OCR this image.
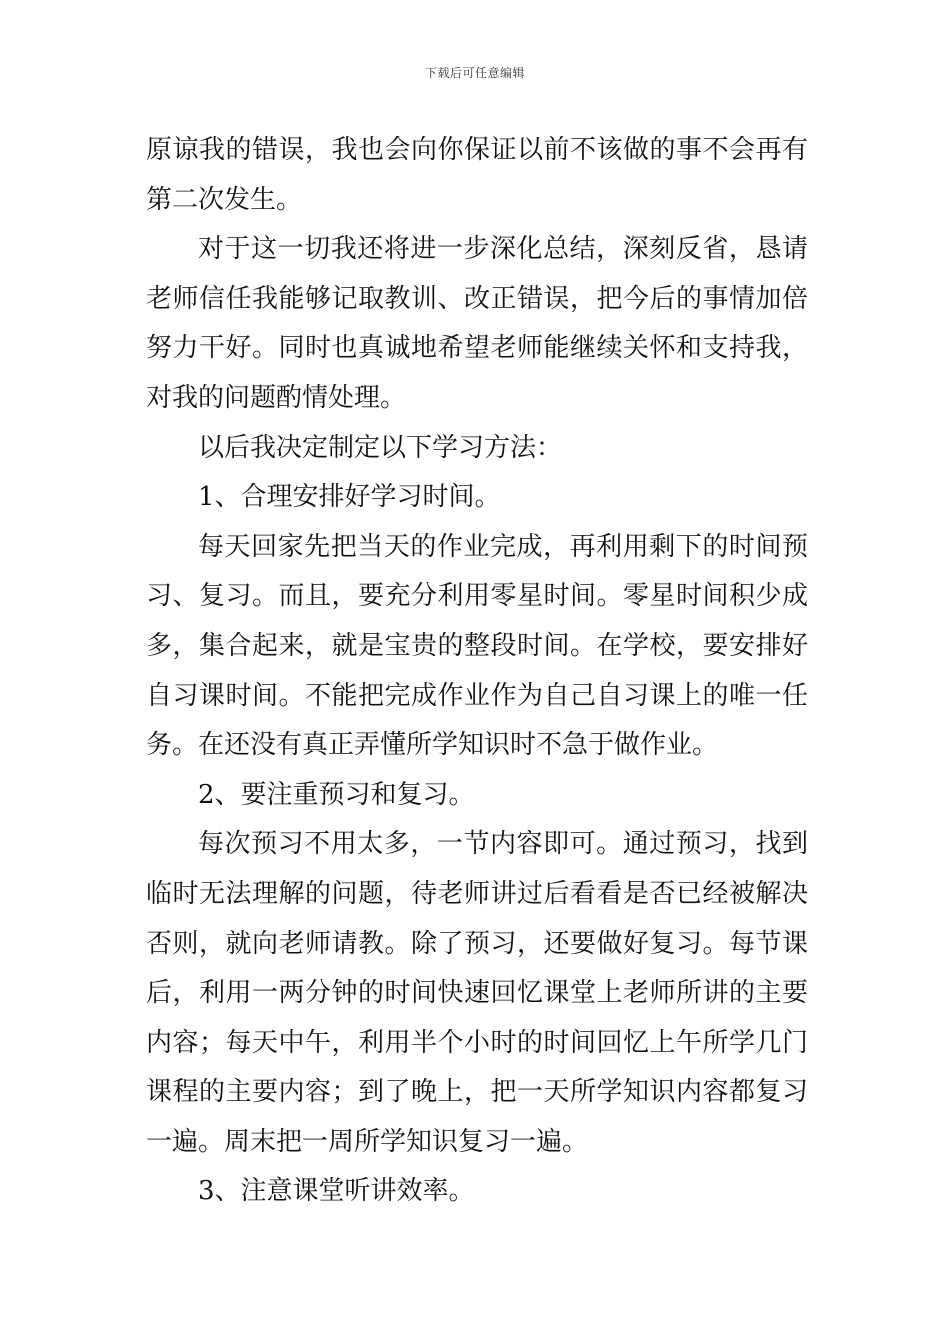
下载后可任意编辑

原谅我的错误，我也会向你保证以前不该做的事不会再有第二次发生。

对于这一切我还将进一步深化总结，深刻反省，恳请老师信任我能够记取教训、改正错误，把今后的事情加倍努力干好。同时也真诚地希望老师能继续关怀和支持我，对我的问题酌情处理。

以后我决定制定以下学习方法：

1、合理安排好学习时间。

每天回家先把当天的作业完成，再利用剩下的时间预习、复习。而且，要充分利用零星时间。零星时间积少成多，集合起来，就是宝贵的整段时间。在学校，要安排好自习课时间。不能把完成作业作为自己自习课上的唯一任务。在还没有真正弄懂所学知识时不急于做作业。

2、要注重预习和复习。

每次预习不用太多，一节内容即可。通过预习，找到临时无法理解的问题，待老师讲过后看看是否已经被解决否则，就向老师请教。除了预习，还要做好复习。每节课后，利用一两分钟的时间快速回忆课堂上老师所讲的主要内容；每天中午，利用半个小时的时间回忆上午所学几门课程的主要内容；到了晚上，把一天所学知识内容都复习一遍。周末把一周所学知识复习一遍。

3、注意课堂听讲效率。
